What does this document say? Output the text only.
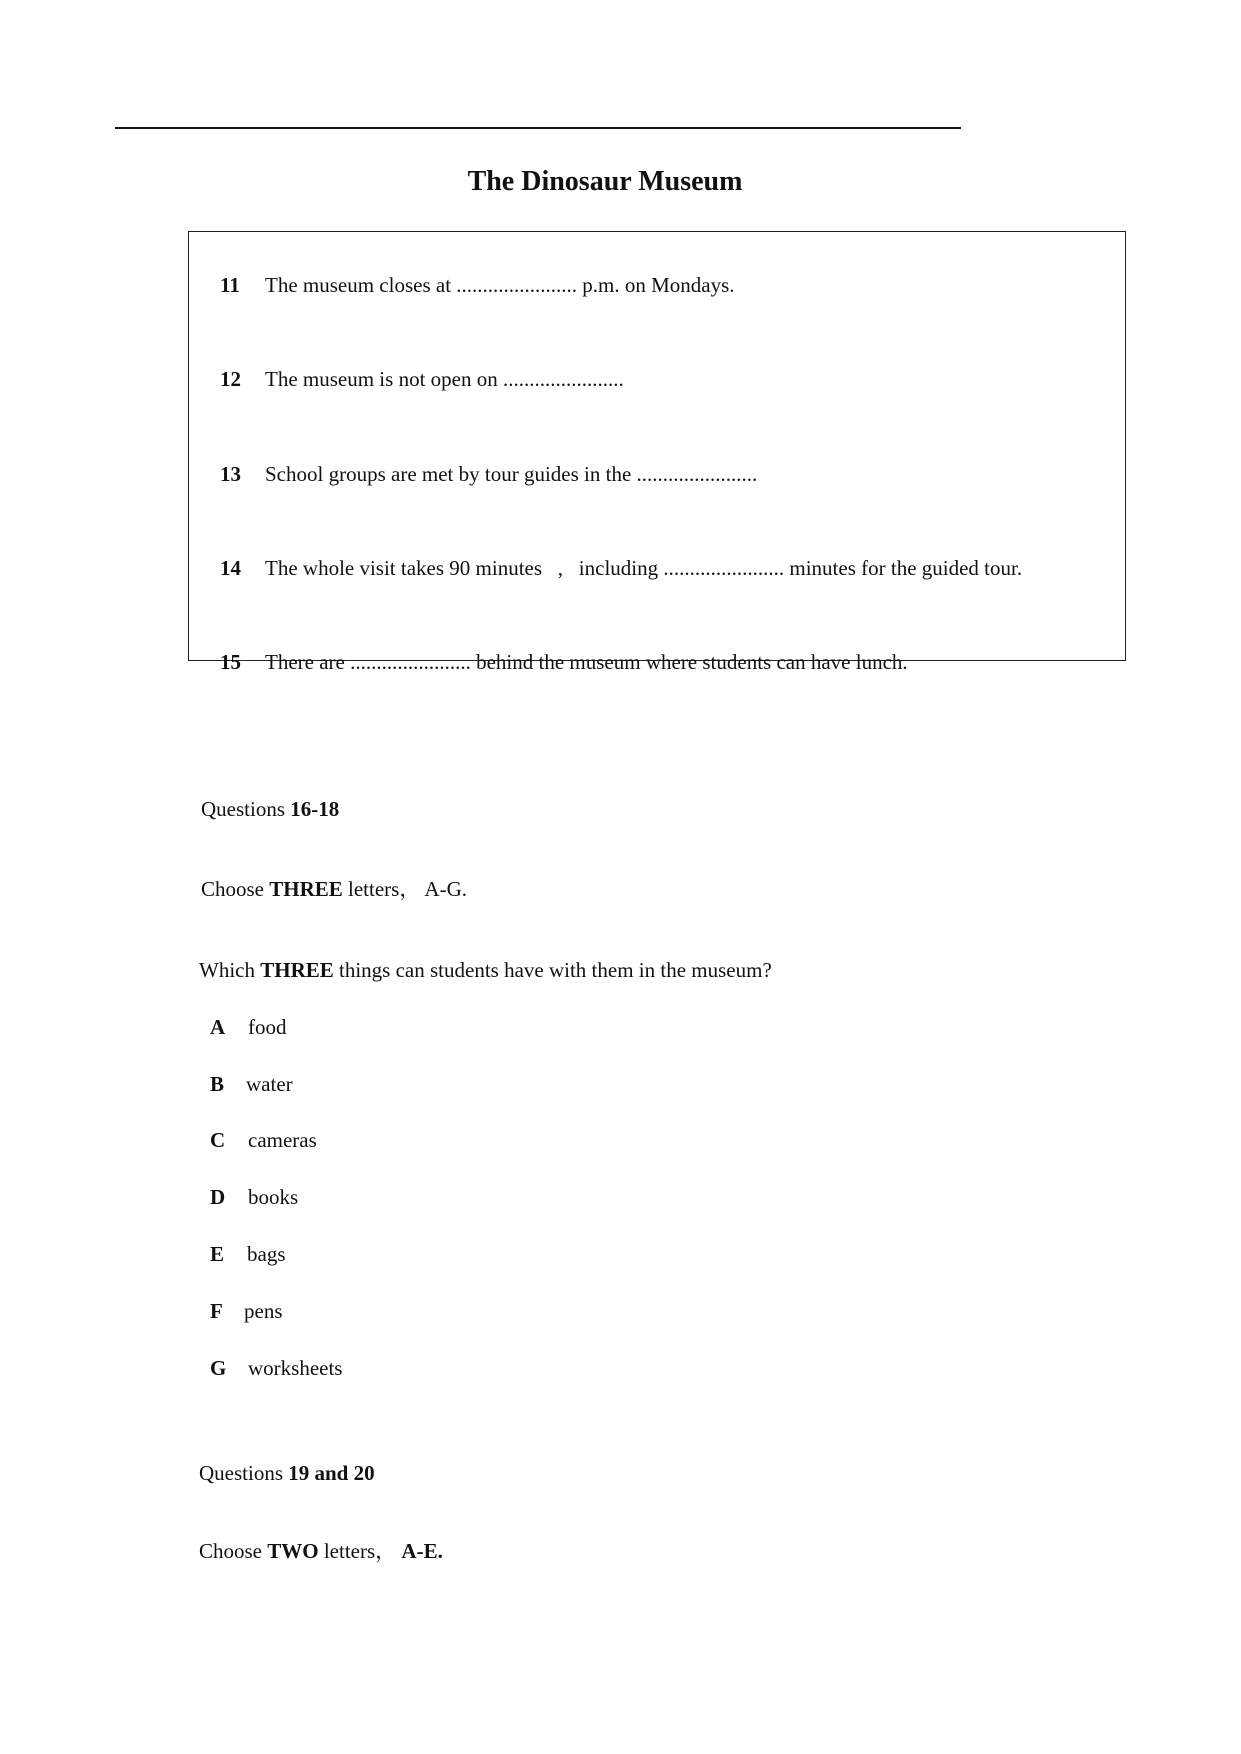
The Dinosaur Museum
11 The museum closes at ....................... p.m. on Mondays.
12 The museum is not open on .......................
13 School groups are met by tour guides in the .......................
14 The whole visit takes 90 minutes   ,   including ....................... minutes for the guided tour.
15 There are ....................... behind the museum where students can have lunch.
Questions 16-18
Choose THREE letters， A-G.
Which THREE things can students have with them in the museum?
A food
B water
C cameras
D books
E bags
F pens
G worksheets
Questions 19 and 20
Choose TWO letters， A-E.
